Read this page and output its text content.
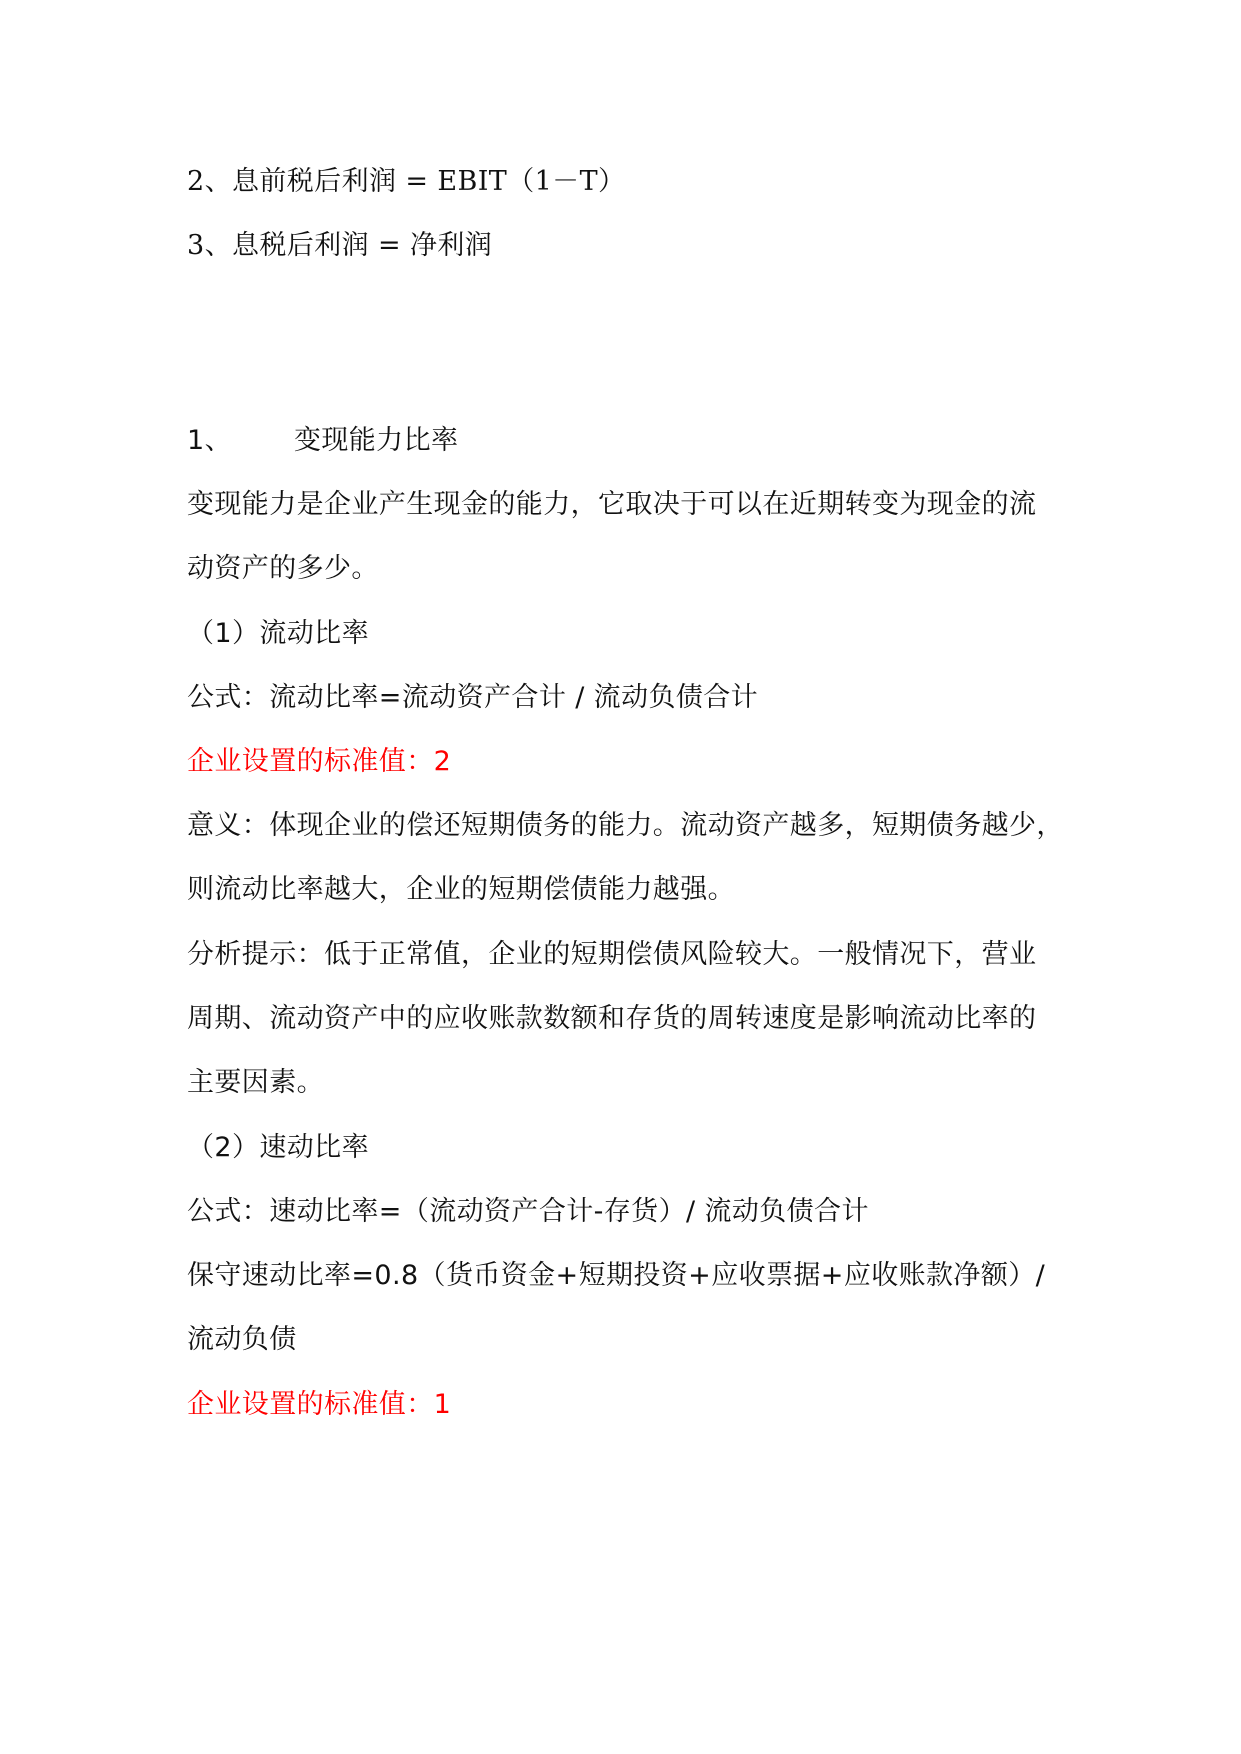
2、息前税后利润 = EBIT（1－T）
3、息税后利润 = 净利润
1、 变现能力比率
变现能力是企业产生现金的能力，它取决于可以在近期转变为现金的流
动资产的多少。
（1）流动比率
公式：流动比率=流动资产合计 / 流动负债合计
企业设置的标准值：2
意义：体现企业的偿还短期债务的能力。流动资产越多，短期债务越少，
则流动比率越大，企业的短期偿债能力越强。
分析提示：低于正常值，企业的短期偿债风险较大。一般情况下，营业
周期、流动资产中的应收账款数额和存货的周转速度是影响流动比率的
主要因素。
（2）速动比率
公式：速动比率=（流动资产合计-存货）/ 流动负债合计
保守速动比率=0.8（货币资金+短期投资+应收票据+应收账款净额）/
流动负债
企业设置的标准值：1
